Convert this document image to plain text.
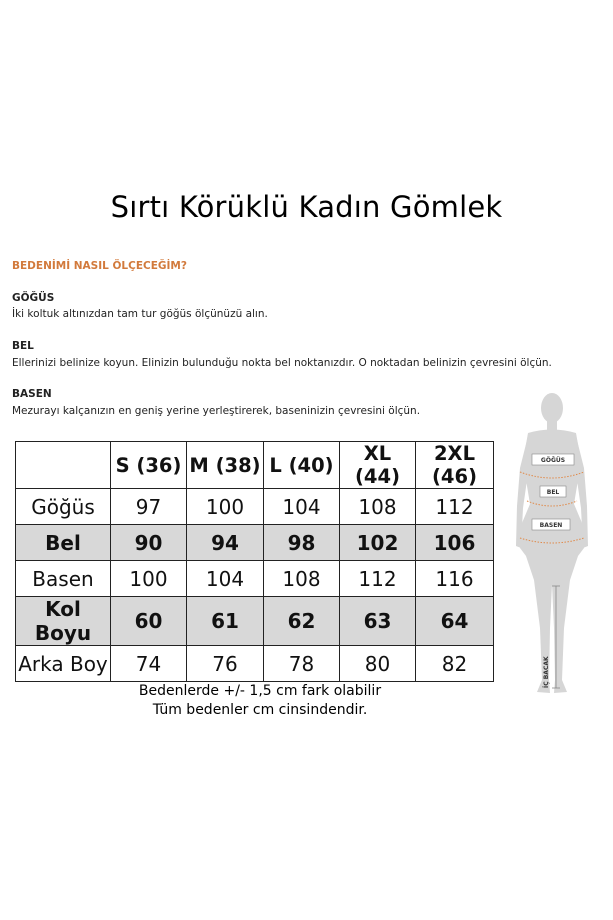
Sırtı Körüklü Kadın Gömlek
BEDENİMİ NASIL ÖLÇECEĞİM?
GÖĞÜS
İki koltuk altınızdan tam tur göğüs ölçünüzü alın.
BEL
Ellerinizi belinize koyun. Elinizin bulunduğu nokta bel noktanızdır. O noktadan belinizin çevresini ölçün.
BASEN
Mezurayı kalçanızın en geniş yerine yerleştirerek, baseninizin çevresini ölçün.
	S (36)	M (38)	L (40)	XL (44)	2XL (46)
Göğüs	97	100	104	108	112
Bel	90	94	98	102	106
Basen	100	104	108	112	116
Kol Boyu	60	61	62	63	64
Arka Boy	74	76	78	80	82
Bedenlerde +/- 1,5 cm fark olabilir
Tüm bedenler cm cinsindendir.
GÖĞÜS
BEL
BASEN
İÇ BACAK
